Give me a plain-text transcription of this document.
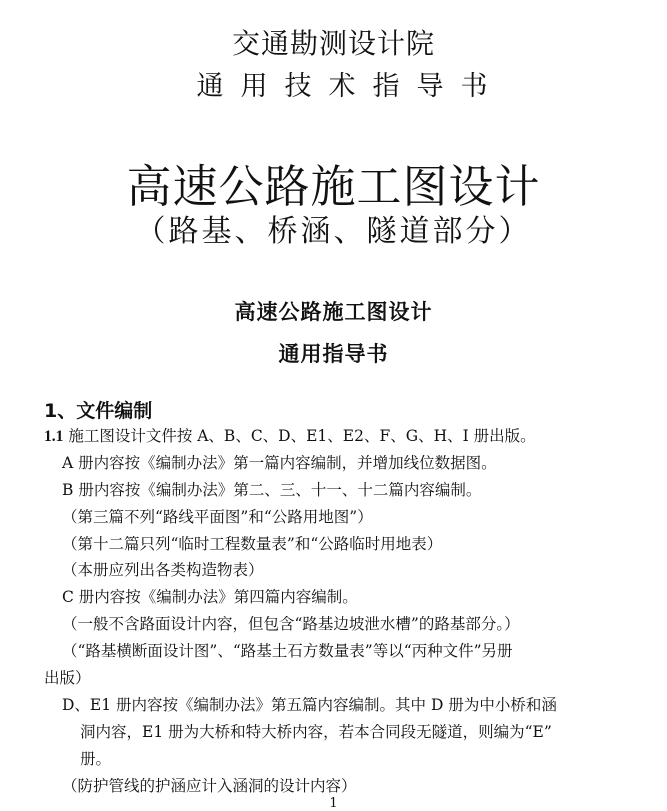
交通勘测设计院
通用技术指导书
高速公路施工图设计
（路基、桥涵、隧道部分）
高速公路施工图设计
通用指导书
1、文件编制
1.1 施工图设计文件按 A、B、C、D、E1、E2、F、G、H、I 册出版。
A 册内容按《编制办法》第一篇内容编制，并增加线位数据图。
B 册内容按《编制办法》第二、三、十一、十二篇内容编制。
（第三篇不列“路线平面图”和“公路用地图”）
（第十二篇只列“临时工程数量表”和“公路临时用地表）
（本册应列出各类构造物表）
C 册内容按《编制办法》第四篇内容编制。
（一般不含路面设计内容，但包含“路基边坡泄水槽”的路基部分。）
（“路基横断面设计图”、“路基土石方数量表”等以“丙种文件”另册
出版）
D、E1 册内容按《编制办法》第五篇内容编制。其中 D 册为中小桥和涵
洞内容，E1 册为大桥和特大桥内容，若本合同段无隧道，则编为“E”
册。
（防护管线的护涵应计入涵洞的设计内容）
1
